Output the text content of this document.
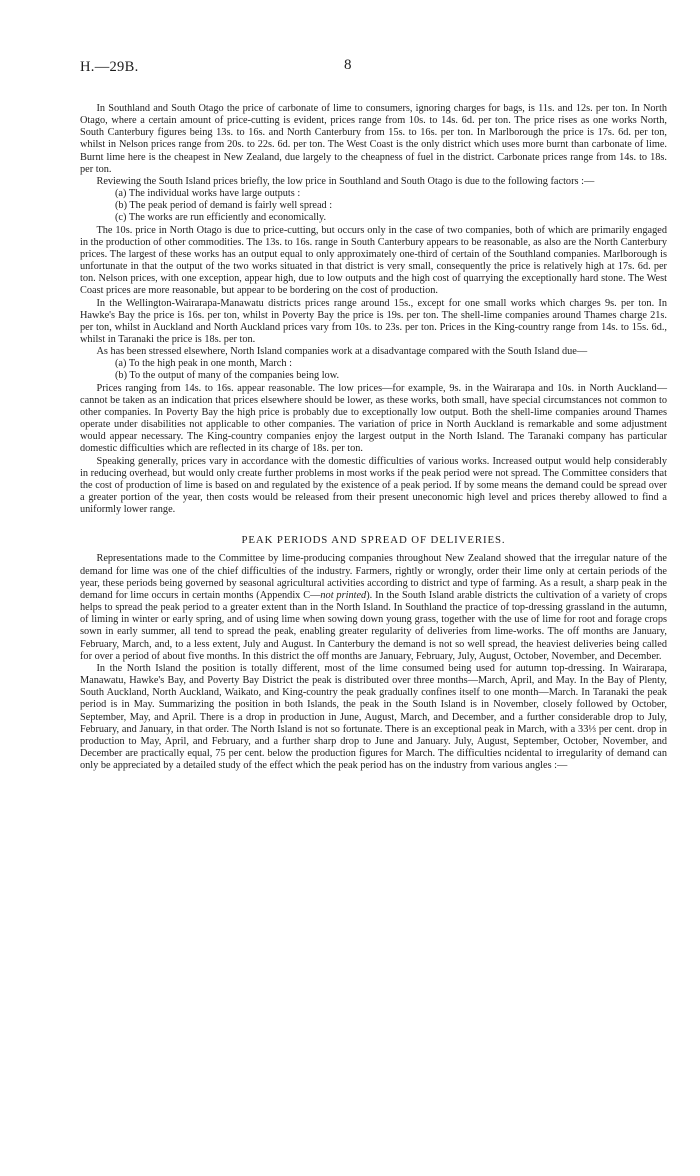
H.—29B.	8

In Southland and South Otago the price of carbonate of lime to consumers, ignoring charges for bags, is 11s. and 12s. per ton. In North Otago, where a certain amount of price-cutting is evident, prices range from 10s. to 14s. 6d. per ton. The price rises as one works North, South Canterbury figures being 13s. to 16s. and North Canterbury from 15s. to 16s. per ton. In Marlborough the price is 17s. 6d. per ton, whilst in Nelson prices range from 20s. to 22s. 6d. per ton. The West Coast is the only district which uses more burnt than carbonate of lime. Burnt lime here is the cheapest in New Zealand, due largely to the cheapness of fuel in the district. Carbonate prices range from 14s. to 18s. per ton.

Reviewing the South Island prices briefly, the low price in Southland and South Otago is due to the following factors :—

(a) The individual works have large outputs :

(b) The peak period of demand is fairly well spread :

(c) The works are run efficiently and economically.

The 10s. price in North Otago is due to price-cutting, but occurs only in the case of two companies, both of which are primarily engaged in the production of other commodities. The 13s. to 16s. range in South Canterbury appears to be reasonable, as also are the North Canterbury prices. The largest of these works has an output equal to only approximately one-third of certain of the Southland companies. Marlborough is unfortunate in that the output of the two works situated in that district is very small, consequently the price is relatively high at 17s. 6d. per ton. Nelson prices, with one exception, appear high, due to low outputs and the high cost of quarrying the exceptionally hard stone. The West Coast prices are more reasonable, but appear to be bordering on the cost of production.

In the Wellington-Wairarapa-Manawatu districts prices range around 15s., except for one small works which charges 9s. per ton. In Hawke's Bay the price is 16s. per ton, whilst in Poverty Bay the price is 19s. per ton. The shell-lime companies around Thames charge 21s. per ton, whilst in Auckland and North Auckland prices vary from 10s. to 23s. per ton. Prices in the King-country range from 14s. to 15s. 6d., whilst in Taranaki the price is 18s. per ton.

As has been stressed elsewhere, North Island companies work at a disadvantage compared with the South Island due—

(a) To the high peak in one month, March :

(b) To the output of many of the companies being low.

Prices ranging from 14s. to 16s. appear reasonable. The low prices—for example, 9s. in the Wairarapa and 10s. in North Auckland—cannot be taken as an indication that prices elsewhere should be lower, as these works, both small, have special circumstances not common to other companies. In Poverty Bay the high price is probably due to exceptionally low output. Both the shell-lime companies around Thames operate under disabilities not applicable to other companies. The variation of price in North Auckland is remarkable and some adjustment would appear necessary. The King-country companies enjoy the largest output in the North Island. The Taranaki company has particular domestic difficulties which are reflected in its charge of 18s. per ton.

Speaking generally, prices vary in accordance with the domestic difficulties of various works. Increased output would help considerably in reducing overhead, but would only create further problems in most works if the peak period were not spread. The Committee considers that the cost of production of lime is based on and regulated by the existence of a peak period. If by some means the demand could be spread over a greater portion of the year, then costs would be released from their present uneconomic high level and prices thereby allowed to find a uniformly lower range.

PEAK PERIODS AND SPREAD OF DELIVERIES.

Representations made to the Committee by lime-producing companies throughout New Zealand showed that the irregular nature of the demand for lime was one of the chief difficulties of the industry. Farmers, rightly or wrongly, order their lime only at certain periods of the year, these periods being governed by seasonal agricultural activities according to district and type of farming. As a result, a sharp peak in the demand for lime occurs in certain months (Appendix C—not printed). In the South Island arable districts the cultivation of a variety of crops helps to spread the peak period to a greater extent than in the North Island. In Southland the practice of top-dressing grassland in the autumn, of liming in winter or early spring, and of using lime when sowing down young grass, together with the use of lime for root and forage crops sown in early summer, all tend to spread the peak, enabling greater regularity of deliveries from lime-works. The off months are January, February, March, and, to a less extent, July and August. In Canterbury the demand is not so well spread, the heaviest deliveries being called for over a period of about five months. In this district the off months are January, February, July, August, October, November, and December.

In the North Island the position is totally different, most of the lime consumed being used for autumn top-dressing. In Wairarapa, Manawatu, Hawke's Bay, and Poverty Bay District the peak is distributed over three months—March, April, and May. In the Bay of Plenty, South Auckland, North Auckland, Waikato, and King-country the peak gradually confines itself to one month—March. In Taranaki the peak period is in May. Summarizing the position in both Islands, the peak in the South Island is in November, closely followed by October, September, May, and April. There is a drop in production in June, August, March, and December, and a further considerable drop to July, February, and January, in that order. The North Island is not so fortunate. There is an exceptional peak in March, with a 33⅓ per cent. drop in production to May, April, and February, and a further sharp drop to June and January. July, August, September, October, November, and December are practically equal, 75 per cent. below the production figures for March. The difficulties ncidental to irregularity of demand can only be appreciated by a detailed study of the effect which the peak period has on the industry from various angles :—
